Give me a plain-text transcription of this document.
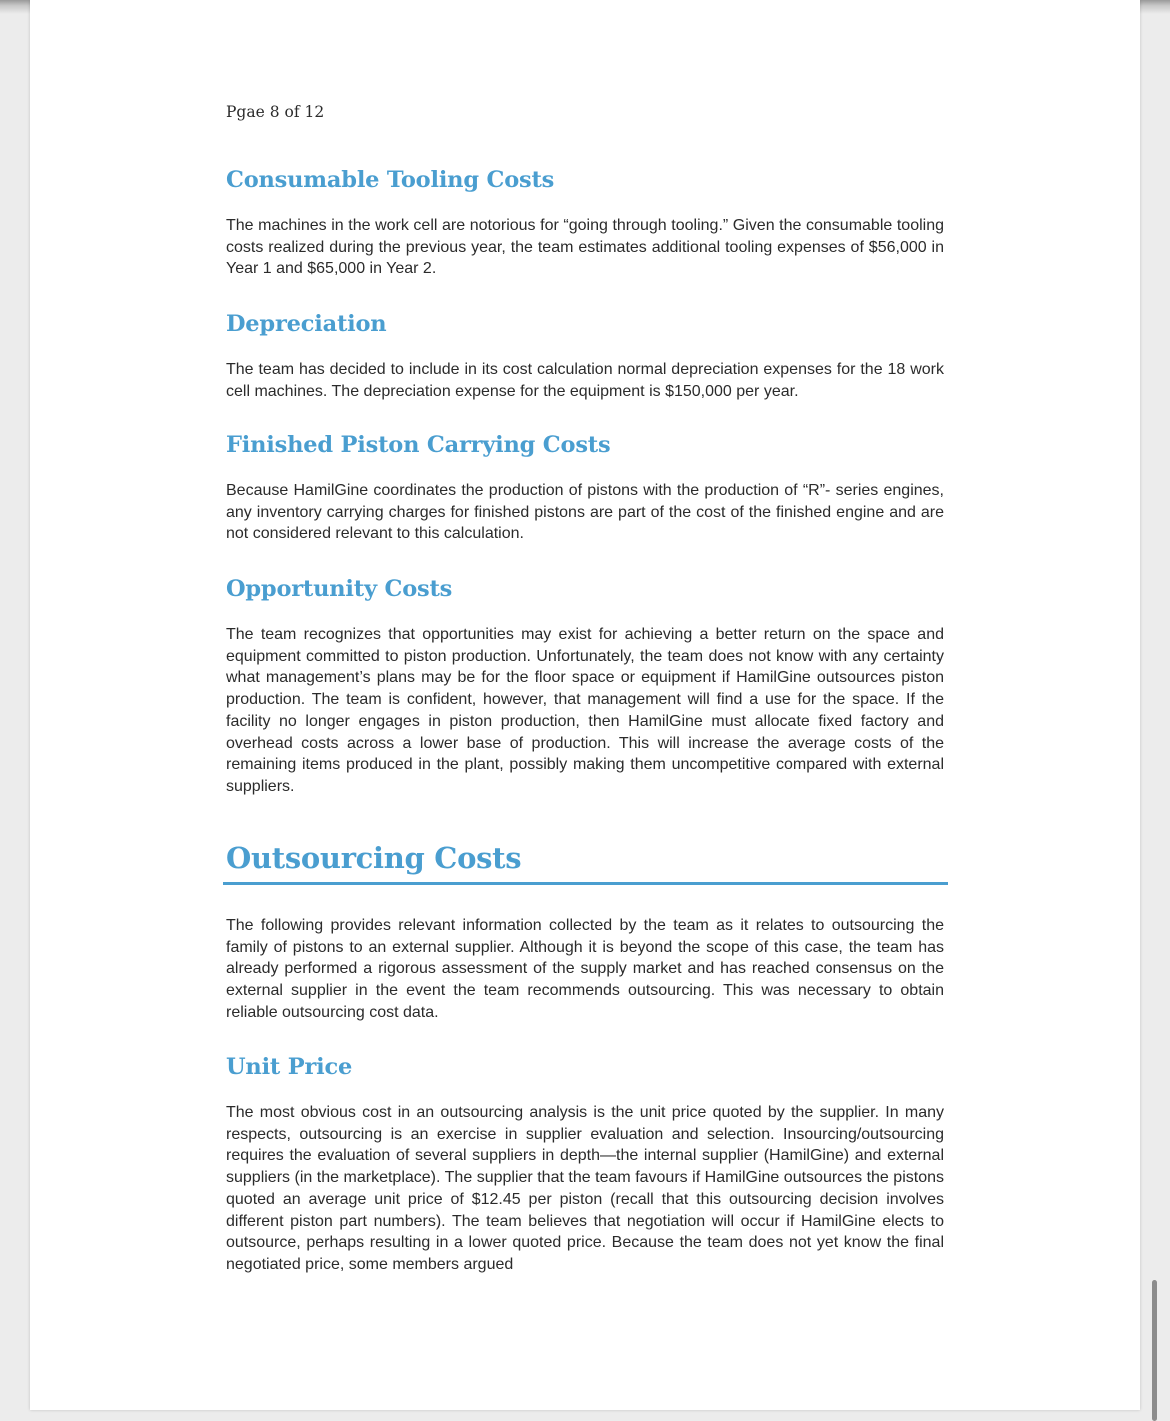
Pgae 8 of 12
Consumable Tooling Costs

The machines in the work cell are notorious for “going through tooling.” Given the consumable tooling costs realized during the previous year, the team estimates additional tooling expenses of $56,000 in Year 1 and $65,000 in Year 2.

Depreciation

The team has decided to include in its cost calculation normal depreciation expenses for the 18 work cell machines. The depreciation expense for the equipment is $150,000 per year.

Finished Piston Carrying Costs

Because HamilGine coordinates the production of pistons with the production of “R”- series engines, any inventory carrying charges for finished pistons are part of the cost of the finished engine and are not considered relevant to this calculation.

Opportunity Costs

The team recognizes that opportunities may exist for achieving a better return on the space and equipment committed to piston production. Unfortunately, the team does not know with any certainty what management’s plans may be for the floor space or equipment if HamilGine outsources piston production. The team is confident, however, that management will find a use for the space. If the facility no longer engages in piston production, then HamilGine must allocate fixed factory and overhead costs across a lower base of production. This will increase the average costs of the remaining items produced in the plant, possibly making them uncompetitive compared with external suppliers.

Outsourcing Costs

The following provides relevant information collected by the team as it relates to outsourcing the family of pistons to an external supplier. Although it is beyond the scope of this case, the team has already performed a rigorous assessment of the supply market and has reached consensus on the external supplier in the event the team recommends outsourcing. This was necessary to obtain reliable outsourcing cost data.

Unit Price

The most obvious cost in an outsourcing analysis is the unit price quoted by the supplier. In many respects, outsourcing is an exercise in supplier evaluation and selection. Insourcing/outsourcing requires the evaluation of several suppliers in depth—the internal supplier (HamilGine) and external suppliers (in the marketplace). The supplier that the team favours if HamilGine outsources the pistons quoted an average unit price of $12.45 per piston (recall that this outsourcing decision involves different piston part numbers). The team believes that negotiation will occur if HamilGine elects to outsource, perhaps resulting in a lower quoted price. Because the team does not yet know the final negotiated price, some members argued
